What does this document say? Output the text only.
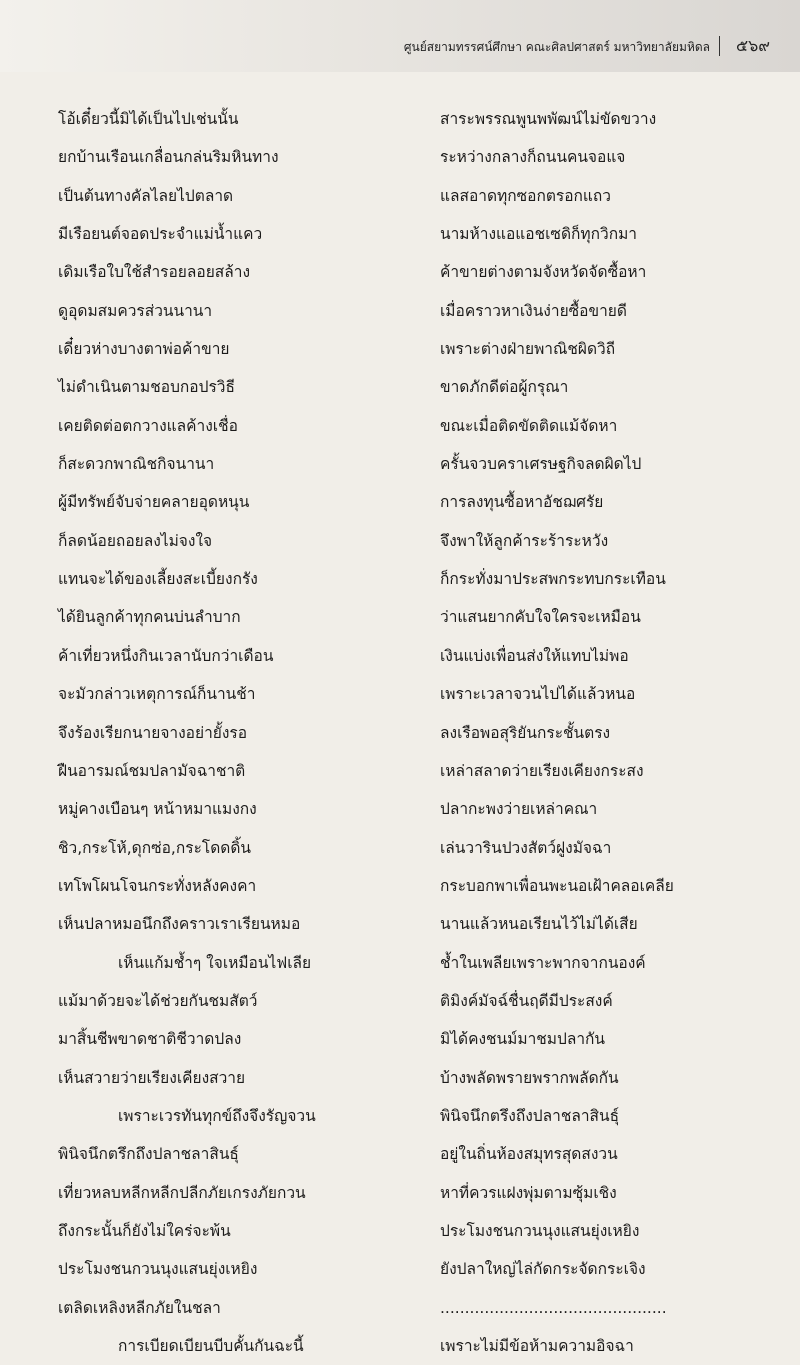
ศูนย์สยามทรรศน์ศึกษา คณะศิลปศาสตร์ มหาวิทยาลัยมหิดล ๕๖๙
โอ้เดี๋ยวนี้มิได้เป็นไปเช่นนั้น
ยกบ้านเรือนเกลื่อนกล่นริมหินทาง
เป็นต้นทางคัลไลยไปตลาด
มีเรือยนต์จอดประจำแม่น้ำแคว
เดิมเรือใบใช้สำรอยลอยสล้าง
ดูอุดมสมควรส่วนนานา
เดี๋ยวห่างบางตาพ่อค้าขาย
ไม่ดำเนินตามชอบกอปรวิธี
เคยติดต่อตกวางแลค้างเชื่อ
ก็สะดวกพาณิชกิจนานา
ผู้มีทรัพย์จับจ่ายคลายอุดหนุน
ก็ลดน้อยถอยลงไม่จงใจ
แทนจะได้ของเลี้ยงสะเบี้ยงกรัง
ได้ยินลูกค้าทุกคนบ่นลำบาก
ค้าเที่ยวหนึ่งกินเวลานับกว่าเดือน
จะมัวกล่าวเหตุการณ์ก็นานช้า
จึงร้องเรียกนายจางอย่ายั้งรอ
ฝืนอารมณ์ชมปลามัจฉาชาติ
หมู่คางเบือนๆ หน้าหมาแมงกง
ชิว,กระโห้,ดุกซ่อ,กระโดดดิ้น
เทโพโผนโจนกระทั่งหลังคงคา
เห็นปลาหมอนึกถึงคราวเราเรียนหมอ
เห็นแก้มช้ำๆ ใจเหมือนไฟเลีย
แม้มาด้วยจะได้ช่วยกันชมสัตว์
มาสิ้นชีพขาดชาติชีวาดปลง
เห็นสวายว่ายเรียงเคียงสวาย
เพราะเวรทันทุกข์ถึงจึงรัญจวน
พินิจนึกตรึกถึงปลาชลาสินธุ์
เที่ยวหลบหลีกหลีกปลีกภัยเกรงภัยกวน
ถึงกระนั้นก็ยังไม่ใคร่จะพ้น
ประโมงชนกวนนุงแสนยุ่งเหยิง
เตลิดเหลิงหลีกภัยในชลา
การเบียดเบียนบีบคั้นกันฉะนี้
สาระพรรณพูนพพัฒน์ไม่ขัดขวาง
ระหว่างกลางก็ถนนคนจอแจ
แลสอาดทุกซอกตรอกแถว
นามห้างแอแอชเซดิก็ทุกวิกมา
ค้าขายต่างตามจังหวัดจัดซื้อหา
เมื่อคราวหาเงินง่ายซื้อขายดี
เพราะต่างฝ่ายพาณิชผิดวิถี
ขาดภักดีต่อผู้กรุณา
ขณะเมื่อติดขัดติดแม้จัดหา
ครั้นจวบคราเศรษฐกิจลดผิดไป
การลงทุนซื้อหาอัชฌศรัย
จึงพาให้ลูกค้าระร้าระหวัง
ก็กระทั่งมาประสพกระทบกระเทือน
ว่าแสนยากคับใจใครจะเหมือน
เงินแบ่งเพื่อนส่งให้แทบไม่พอ
เพราะเวลาจวนไปได้แล้วหนอ
ลงเรือพอสุริยันกระชั้นตรง
เหล่าสลาดว่ายเรียงเคียงกระสง
ปลากะพงว่ายเหล่าคณา
เล่นวารินปวงสัตว์ฝูงมัจฉา
กระบอกพาเพื่อนพะนอเฝ้าคลอเคลีย
นานแล้วหนอเรียนไว้ไม่ได้เสีย
ช้ำในเพลียเพราะพากจากนองค์
ติมิงค์มัจฉ์ชื่นฤดีมีประสงค์
มิได้คงชนม์มาชมปลากัน
บ้างพลัดพรายพรากพลัดกัน
พินิจนึกตรึงถึงปลาชลาสินธุ์
อยู่ในถิ่นห้องสมุทรสุดสงวน
หาที่ควรแฝงพุ่มตามซุ้มเชิง
ประโมงชนกวนนุงแสนยุ่งเหยิง
ยังปลาใหญ่ไล่กัดกระจัดกระเจิง
..............................................
เพราะไม่มีข้อห้ามความอิจฉา
